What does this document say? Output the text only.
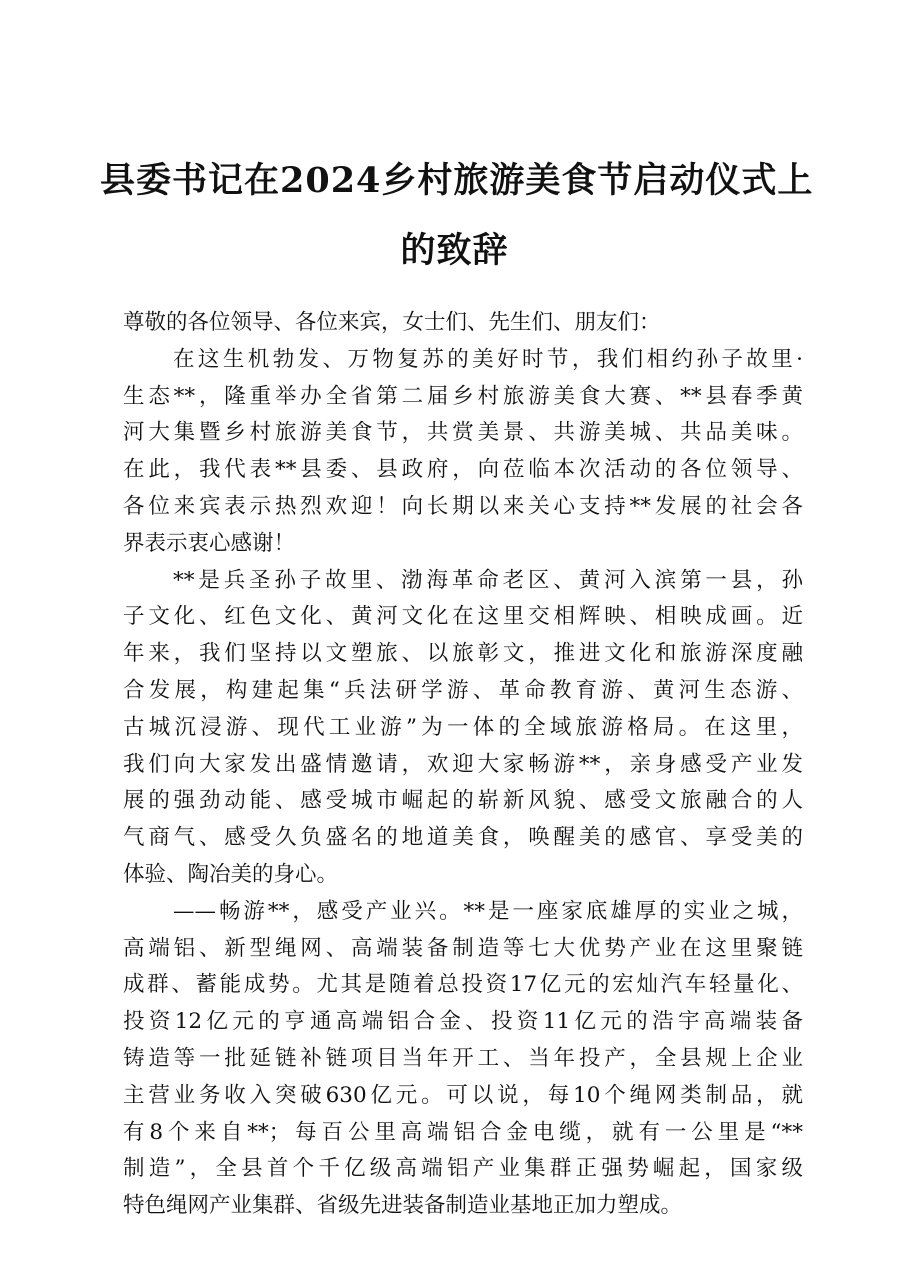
县委书记在2024乡村旅游美食节启动仪式上
的致辞
尊敬的各位领导、各位来宾，女士们、先生们、朋友们：
在这生机勃发、万物复苏的美好时节，我们相约孙子故里·
生态**，隆重举办全省第二届乡村旅游美食大赛、**县春季黄
河大集暨乡村旅游美食节，共赏美景、共游美城、共品美味。
在此，我代表**县委、县政府，向莅临本次活动的各位领导、
各位来宾表示热烈欢迎！向长期以来关心支持**发展的社会各
界表示衷心感谢！
**是兵圣孙子故里、渤海革命老区、黄河入滨第一县，孙
子文化、红色文化、黄河文化在这里交相辉映、相映成画。近
年来，我们坚持以文塑旅、以旅彰文，推进文化和旅游深度融
合发展，构建起集“兵法研学游、革命教育游、黄河生态游、
古城沉浸游、现代工业游”为一体的全域旅游格局。在这里，
我们向大家发出盛情邀请，欢迎大家畅游**，亲身感受产业发
展的强劲动能、感受城市崛起的崭新风貌、感受文旅融合的人
气商气、感受久负盛名的地道美食，唤醒美的感官、享受美的
体验、陶冶美的身心。
——畅游**，感受产业兴。**是一座家底雄厚的实业之城，
高端铝、新型绳网、高端装备制造等七大优势产业在这里聚链
成群、蓄能成势。尤其是随着总投资17亿元的宏灿汽车轻量化、
投资12亿元的亨通高端铝合金、投资11亿元的浩宇高端装备
铸造等一批延链补链项目当年开工、当年投产，全县规上企业
主营业务收入突破630亿元。可以说，每10个绳网类制品，就
有8个来自**；每百公里高端铝合金电缆，就有一公里是“**
制造”，全县首个千亿级高端铝产业集群正强势崛起，国家级
特色绳网产业集群、省级先进装备制造业基地正加力塑成。
